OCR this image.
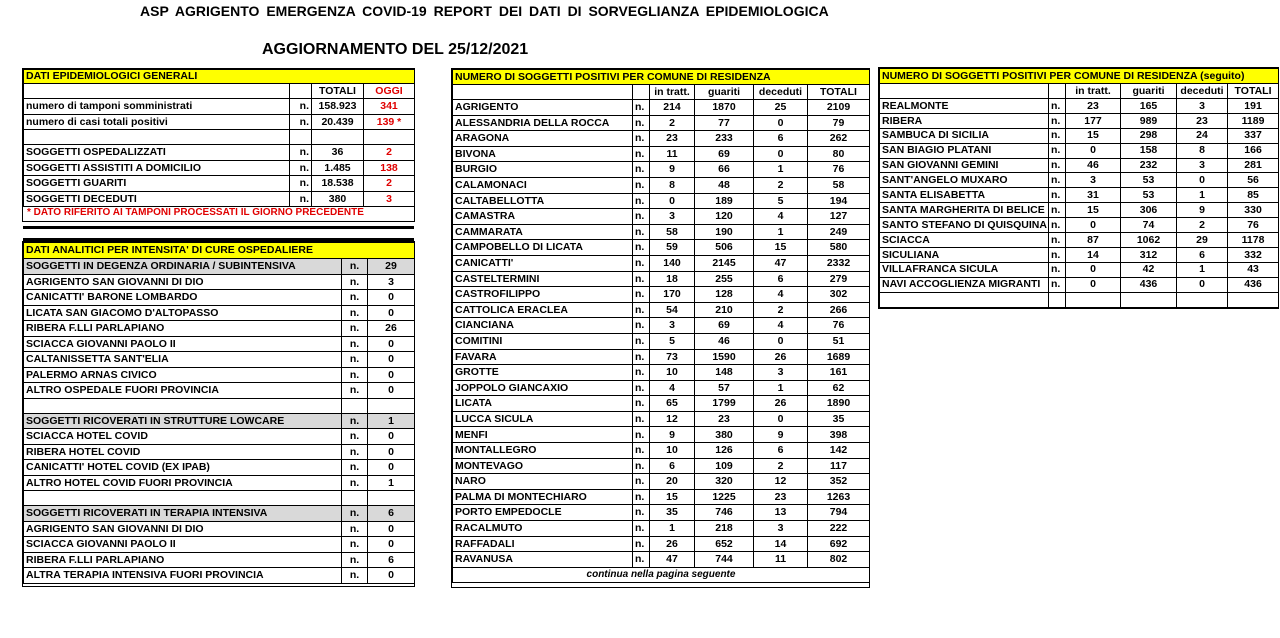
ASP AGRIGENTO EMERGENZA COVID-19 REPORT DEI DATI DI SORVEGLIANZA EPIDEMIOLOGICA
AGGIORNAMENTO DEL 25/12/2021
DATI EPIDEMIOLOGICI GENERALI			
		TOTALI	OGGI
numero di tamponi somministrati	n.	158.923	341
numero di casi totali positivi	n.	20.439	139 *

SOGGETTI OSPEDALIZZATI	n.	36	2
SOGGETTI ASSISTITI A DOMICILIO	n.	1.485	138
SOGGETTI GUARITI	n.	18.538	2
SOGGETTI DECEDUTI	n.	380	3
* DATO RIFERITO AI TAMPONI PROCESSATI IL GIORNO PRECEDENTE
DATI ANALITICI PER INTENSITA' DI CURE OSPEDALIERE		
SOGGETTI IN DEGENZA ORDINARIA / SUBINTENSIVA	n.	29
AGRIGENTO SAN GIOVANNI DI DIO	n.	3
CANICATTI' BARONE LOMBARDO	n.	0
LICATA SAN GIACOMO D'ALTOPASSO	n.	0
RIBERA F.LLI PARLAPIANO	n.	26
SCIACCA GIOVANNI PAOLO II	n.	0
CALTANISSETTA SANT'ELIA	n.	0
PALERMO ARNAS CIVICO	n.	0
ALTRO OSPEDALE FUORI PROVINCIA	n.	0

SOGGETTI RICOVERATI IN STRUTTURE LOWCARE	n.	1
SCIACCA HOTEL COVID	n.	0
RIBERA HOTEL COVID	n.	0
CANICATTI' HOTEL COVID (EX IPAB)	n.	0
ALTRO HOTEL COVID FUORI PROVINCIA	n.	1

SOGGETTI RICOVERATI IN TERAPIA INTENSIVA	n.	6
AGRIGENTO SAN GIOVANNI DI DIO	n.	0
SCIACCA GIOVANNI PAOLO II	n.	0
RIBERA F.LLI PARLAPIANO	n.	6
ALTRA TERAPIA INTENSIVA FUORI PROVINCIA	n.	0
NUMERO DI SOGGETTI POSITIVI PER COMUNE DI RESIDENZA					
		in tratt.	guariti	deceduti	TOTALI
AGRIGENTO	n.	214	1870	25	2109
ALESSANDRIA DELLA ROCCA	n.	2	77	0	79
ARAGONA	n.	23	233	6	262
BIVONA	n.	11	69	0	80
BURGIO	n.	9	66	1	76
CALAMONACI	n.	8	48	2	58
CALTABELLOTTA	n.	0	189	5	194
CAMASTRA	n.	3	120	4	127
CAMMARATA	n.	58	190	1	249
CAMPOBELLO DI LICATA	n.	59	506	15	580
CANICATTI'	n.	140	2145	47	2332
CASTELTERMINI	n.	18	255	6	279
CASTROFILIPPO	n.	170	128	4	302
CATTOLICA ERACLEA	n.	54	210	2	266
CIANCIANA	n.	3	69	4	76
COMITINI	n.	5	46	0	51
FAVARA	n.	73	1590	26	1689
GROTTE	n.	10	148	3	161
JOPPOLO GIANCAXIO	n.	4	57	1	62
LICATA	n.	65	1799	26	1890
LUCCA SICULA	n.	12	23	0	35
MENFI	n.	9	380	9	398
MONTALLEGRO	n.	10	126	6	142
MONTEVAGO	n.	6	109	2	117
NARO	n.	20	320	12	352
PALMA DI MONTECHIARO	n.	15	1225	23	1263
PORTO EMPEDOCLE	n.	35	746	13	794
RACALMUTO	n.	1	218	3	222
RAFFADALI	n.	26	652	14	692
RAVANUSA	n.	47	744	11	802
continua nella pagina seguente					
NUMERO DI SOGGETTI POSITIVI PER COMUNE DI RESIDENZA (seguito)					
		in tratt.	guariti	deceduti	TOTALI
REALMONTE	n.	23	165	3	191
RIBERA	n.	177	989	23	1189
SAMBUCA DI SICILIA	n.	15	298	24	337
SAN BIAGIO PLATANI	n.	0	158	8	166
SAN GIOVANNI GEMINI	n.	46	232	3	281
SANT'ANGELO MUXARO	n.	3	53	0	56
SANTA ELISABETTA	n.	31	53	1	85
SANTA MARGHERITA DI BELICE	n.	15	306	9	330
SANTO STEFANO DI QUISQUINA	n.	0	74	2	76
SCIACCA	n.	87	1062	29	1178
SICULIANA	n.	14	312	6	332
VILLAFRANCA SICULA	n.	0	42	1	43
NAVI ACCOGLIENZA MIGRANTI	n.	0	436	0	436
